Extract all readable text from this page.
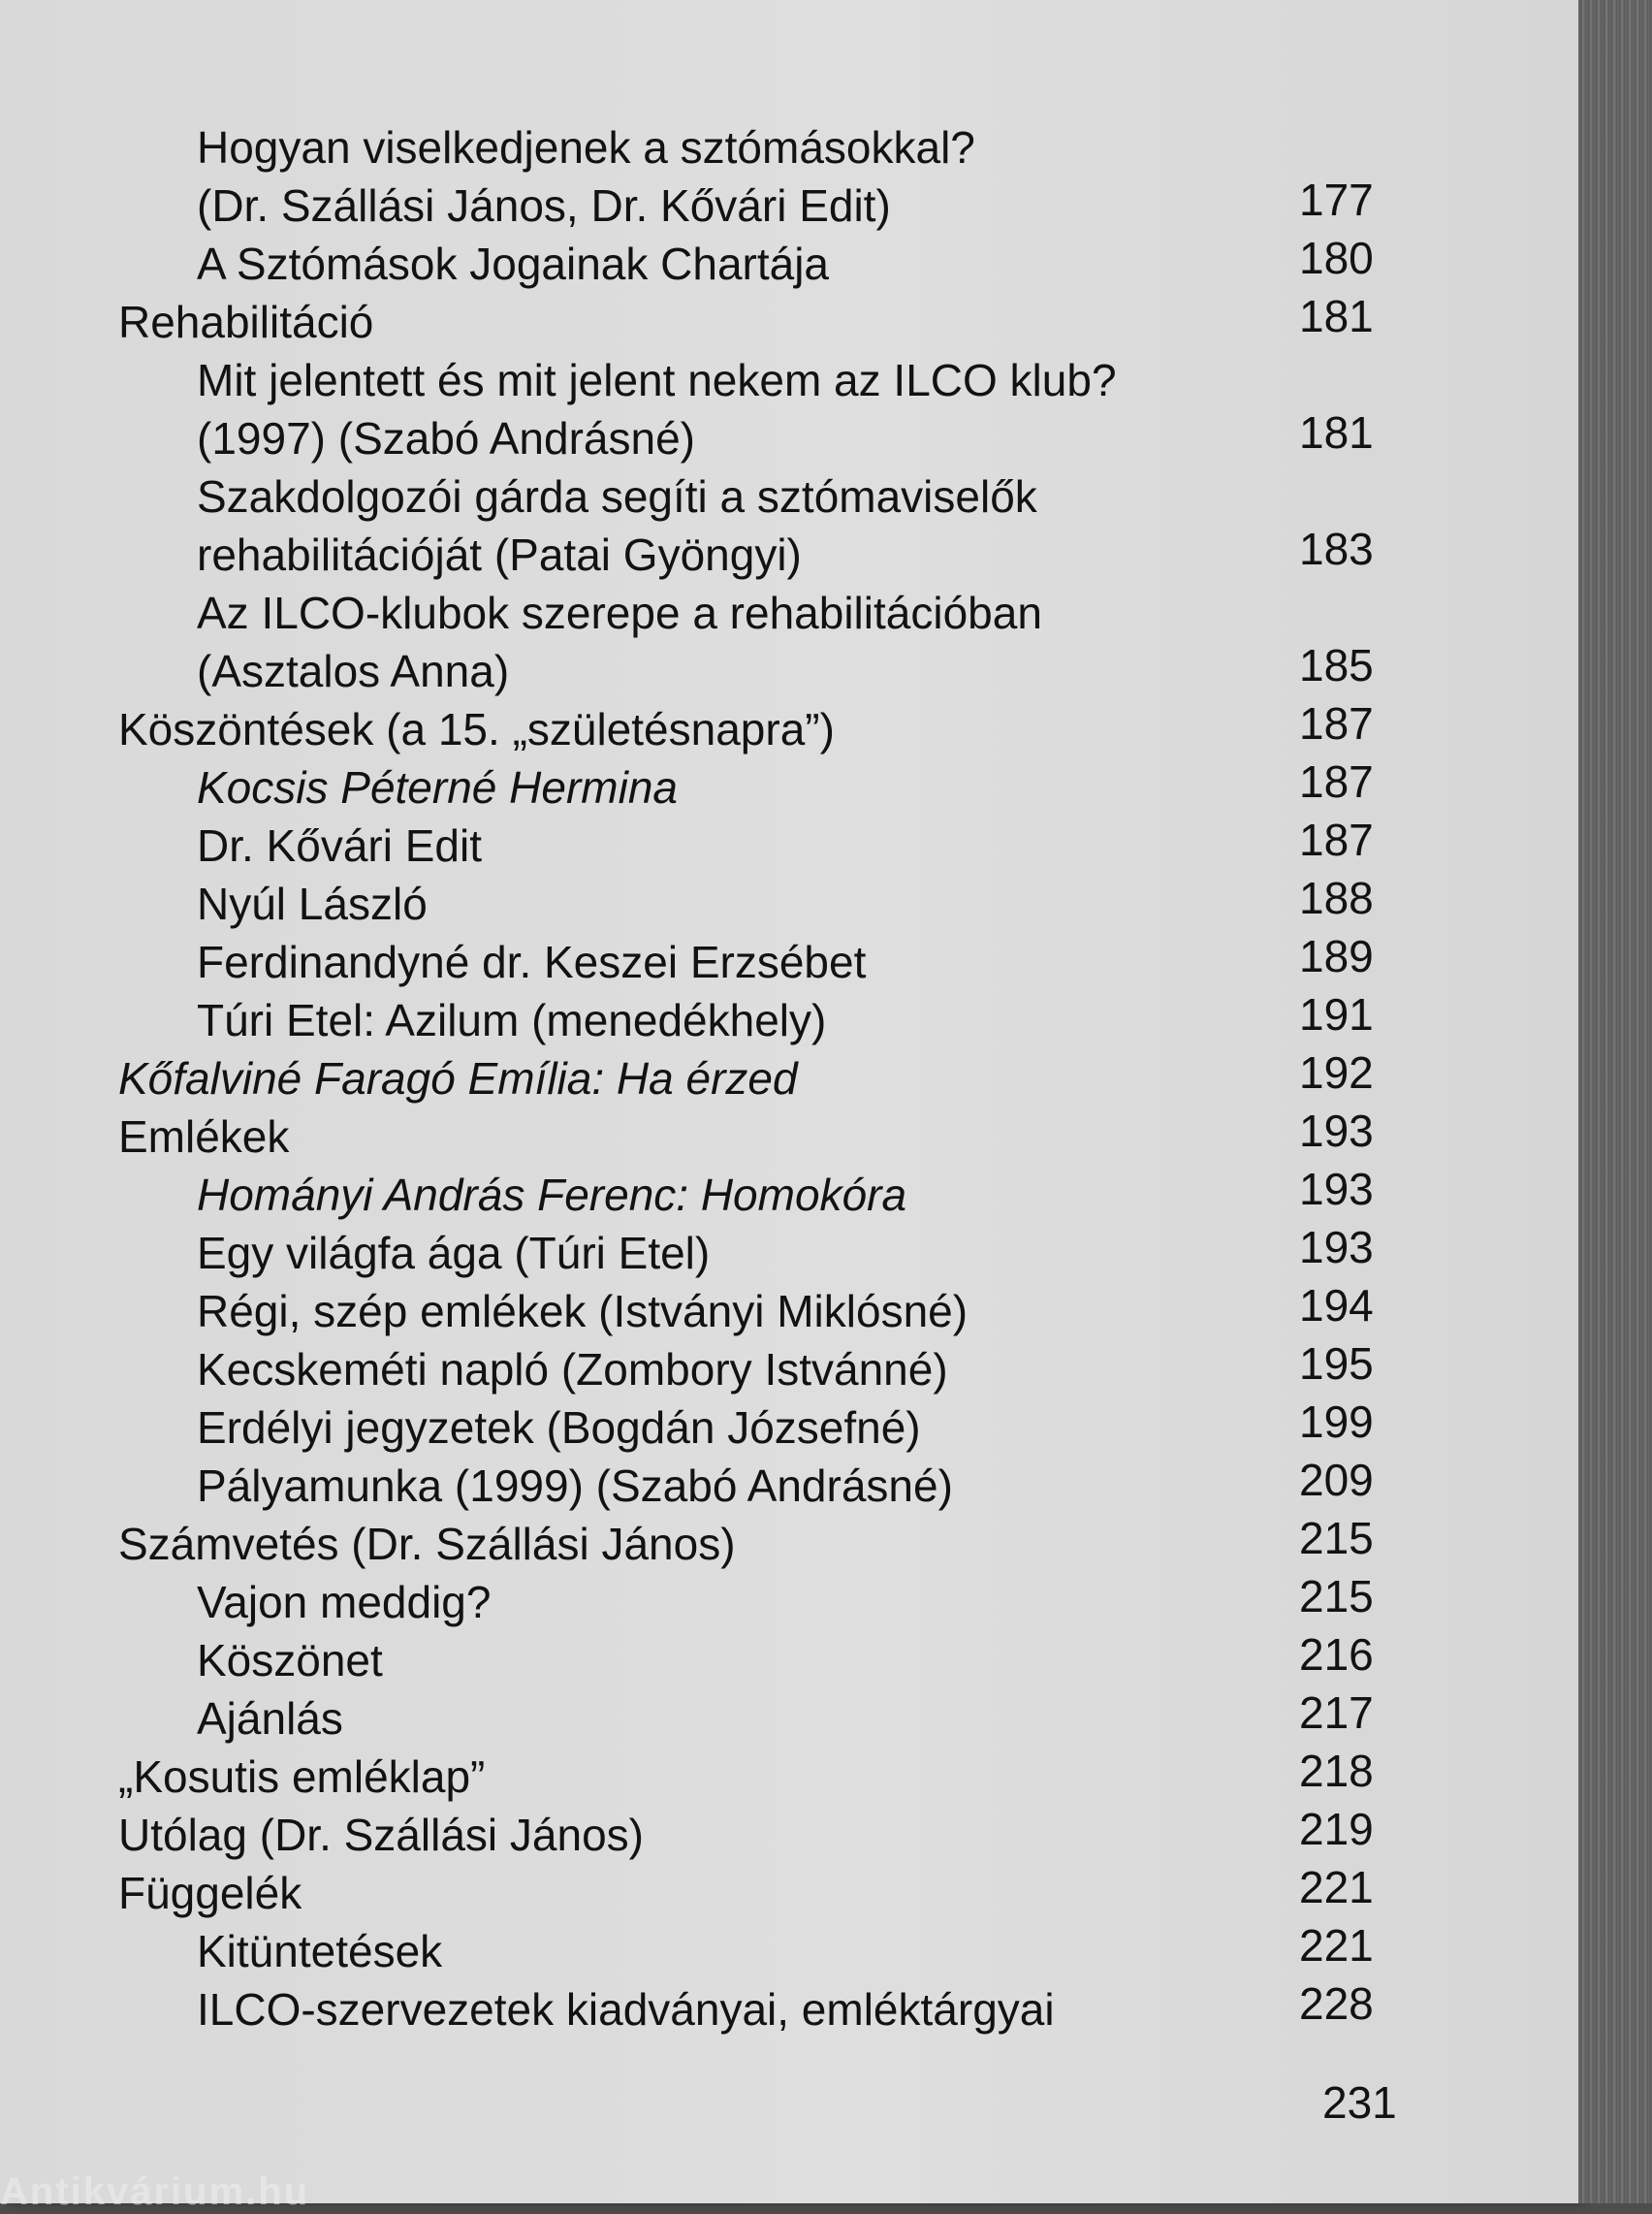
Hogyan viselkedjenek a sztómásokkal?
(Dr. Szállási János, Dr. Kővári Edit)	177
A Sztómások Jogainak Chartája	180
Rehabilitáció	181
Mit jelentett és mit jelent nekem az ILCO klub?
(1997) (Szabó Andrásné)	181
Szakdolgozói gárda segíti a sztómaviselők
rehabilitációját (Patai Gyöngyi)	183
Az ILCO-klubok szerepe a rehabilitációban
(Asztalos Anna)	185
Köszöntések (a 15. „születésnapra”)	187
Kocsis Péterné Hermina	187
Dr. Kővári Edit	187
Nyúl László	188
Ferdinandyné dr. Keszei Erzsébet	189
Túri Etel: Azilum (menedékhely)	191
Kőfalviné Faragó Emília: Ha érzed	192
Emlékek	193
Hományi András Ferenc: Homokóra	193
Egy világfa ága (Túri Etel)	193
Régi, szép emlékek (Istványi Miklósné)	194
Kecskeméti napló (Zombory Istvánné)	195
Erdélyi jegyzetek (Bogdán Józsefné)	199
Pályamunka (1999) (Szabó Andrásné)	209
Számvetés (Dr. Szállási János)	215
Vajon meddig?	215
Köszönet	216
Ajánlás	217
„Kosutis emléklap”	218
Utólag (Dr. Szállási János)	219
Függelék	221
Kitüntetések	221
ILCO-szervezetek kiadványai, emléktárgyai	228
231
Antikvárium.hu
